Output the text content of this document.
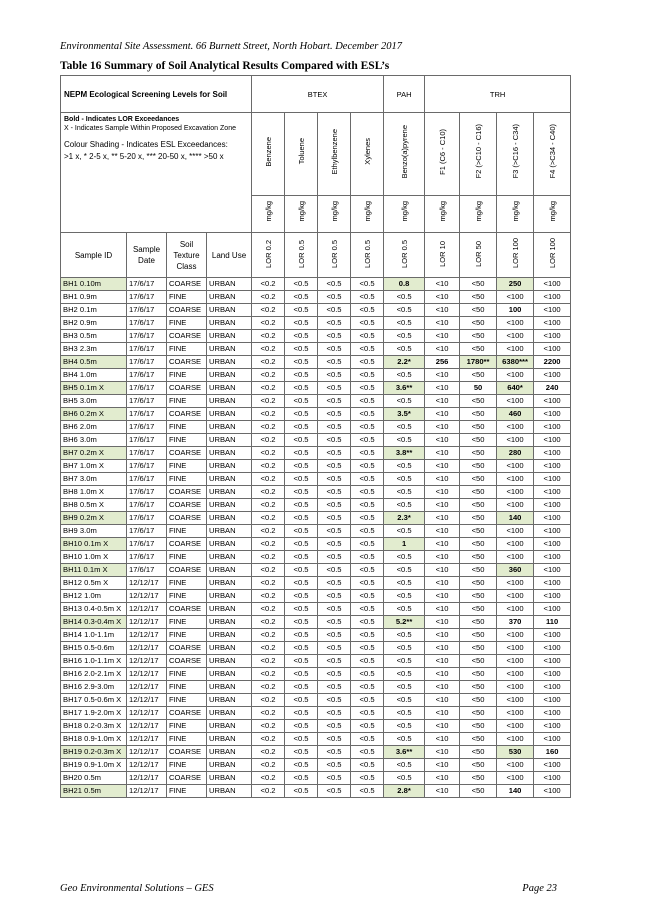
Environmental Site Assessment. 66 Burnett Street, North Hobart. December 2017
Table 16 Summary of Soil Analytical Results Compared with ESL’s
NEPM Ecological Screening Levels for Soil				BTEX				PAH	TRH			

Bold - Indicates LOR Exceedances
X - Indicates Sample Within Proposed Excavation Zone
Colour Shading - Indicates ESL Exceedances:
>1 x, * 2-5 x, ** 5-20 x, *** 20-50 x, **** >50 x				Benzene	Toluene	Ethylbenzene	Xylenes	Benzo(a)pyrene	F1 (C6 - C10)	F2 (>C10 - C16)	F3 (>C16 - C34)	F4 (>C34 - C40)
				mg/kg	mg/kg	mg/kg	mg/kg	mg/kg	mg/kg	mg/kg	mg/kg	mg/kg
Sample ID	Sample Date	Soil Texture Class	Land Use	LOR 0.2	LOR 0.5	LOR 0.5	LOR 0.5	LOR 0.5	LOR 10	LOR 50	LOR 100	LOR 100
BH1 0.10m	17/6/17	COARSE	URBAN	<0.2	<0.5	<0.5	<0.5	0.8	<10	<50	250	<100
BH1 0.9m	17/6/17	FINE	URBAN	<0.2	<0.5	<0.5	<0.5	<0.5	<10	<50	<100	<100
BH2 0.1m	17/6/17	COARSE	URBAN	<0.2	<0.5	<0.5	<0.5	<0.5	<10	<50	100	<100
BH2 0.9m	17/6/17	FINE	URBAN	<0.2	<0.5	<0.5	<0.5	<0.5	<10	<50	<100	<100
BH3 0.5m	17/6/17	COARSE	URBAN	<0.2	<0.5	<0.5	<0.5	<0.5	<10	<50	<100	<100
BH3 2.3m	17/6/17	FINE	URBAN	<0.2	<0.5	<0.5	<0.5	<0.5	<10	<50	<100	<100
BH4 0.5m	17/6/17	COARSE	URBAN	<0.2	<0.5	<0.5	<0.5	2.2*	256	1780**	6380***	2200
BH4 1.0m	17/6/17	FINE	URBAN	<0.2	<0.5	<0.5	<0.5	<0.5	<10	<50	<100	<100
BH5 0.1m X	17/6/17	COARSE	URBAN	<0.2	<0.5	<0.5	<0.5	3.6**	<10	50	640*	240
BH5 3.0m	17/6/17	FINE	URBAN	<0.2	<0.5	<0.5	<0.5	<0.5	<10	<50	<100	<100
BH6 0.2m X	17/6/17	COARSE	URBAN	<0.2	<0.5	<0.5	<0.5	3.5*	<10	<50	460	<100
BH6 2.0m	17/6/17	FINE	URBAN	<0.2	<0.5	<0.5	<0.5	<0.5	<10	<50	<100	<100
BH6 3.0m	17/6/17	FINE	URBAN	<0.2	<0.5	<0.5	<0.5	<0.5	<10	<50	<100	<100
BH7 0.2m X	17/6/17	COARSE	URBAN	<0.2	<0.5	<0.5	<0.5	3.8**	<10	<50	280	<100
BH7 1.0m X	17/6/17	FINE	URBAN	<0.2	<0.5	<0.5	<0.5	<0.5	<10	<50	<100	<100
BH7 3.0m	17/6/17	FINE	URBAN	<0.2	<0.5	<0.5	<0.5	<0.5	<10	<50	<100	<100
BH8 1.0m X	17/6/17	COARSE	URBAN	<0.2	<0.5	<0.5	<0.5	<0.5	<10	<50	<100	<100
BH8 0.5m X	17/6/17	COARSE	URBAN	<0.2	<0.5	<0.5	<0.5	<0.5	<10	<50	<100	<100
BH9 0.2m X	17/6/17	COARSE	URBAN	<0.2	<0.5	<0.5	<0.5	2.3*	<10	<50	140	<100
BH9 3.0m	17/6/17	FINE	URBAN	<0.2	<0.5	<0.5	<0.5	<0.5	<10	<50	<100	<100
BH10 0.1m X	17/6/17	COARSE	URBAN	<0.2	<0.5	<0.5	<0.5	1	<10	<50	<100	<100
BH10 1.0m X	17/6/17	FINE	URBAN	<0.2	<0.5	<0.5	<0.5	<0.5	<10	<50	<100	<100
BH11 0.1m X	17/6/17	COARSE	URBAN	<0.2	<0.5	<0.5	<0.5	<0.5	<10	<50	360	<100
BH12 0.5m X	12/12/17	FINE	URBAN	<0.2	<0.5	<0.5	<0.5	<0.5	<10	<50	<100	<100
BH12 1.0m	12/12/17	FINE	URBAN	<0.2	<0.5	<0.5	<0.5	<0.5	<10	<50	<100	<100
BH13 0.4-0.5m X	12/12/17	COARSE	URBAN	<0.2	<0.5	<0.5	<0.5	<0.5	<10	<50	<100	<100
BH14 0.3-0.4m X	12/12/17	FINE	URBAN	<0.2	<0.5	<0.5	<0.5	5.2**	<10	<50	370	110
BH14 1.0-1.1m	12/12/17	FINE	URBAN	<0.2	<0.5	<0.5	<0.5	<0.5	<10	<50	<100	<100
BH15 0.5-0.6m	12/12/17	COARSE	URBAN	<0.2	<0.5	<0.5	<0.5	<0.5	<10	<50	<100	<100
BH16 1.0-1.1m X	12/12/17	COARSE	URBAN	<0.2	<0.5	<0.5	<0.5	<0.5	<10	<50	<100	<100
BH16 2.0-2.1m X	12/12/17	FINE	URBAN	<0.2	<0.5	<0.5	<0.5	<0.5	<10	<50	<100	<100
BH16 2.9-3.0m	12/12/17	FINE	URBAN	<0.2	<0.5	<0.5	<0.5	<0.5	<10	<50	<100	<100
BH17 0.5-0.6m X	12/12/17	FINE	URBAN	<0.2	<0.5	<0.5	<0.5	<0.5	<10	<50	<100	<100
BH17 1.9-2.0m X	12/12/17	COARSE	URBAN	<0.2	<0.5	<0.5	<0.5	<0.5	<10	<50	<100	<100
BH18 0.2-0.3m X	12/12/17	FINE	URBAN	<0.2	<0.5	<0.5	<0.5	<0.5	<10	<50	<100	<100
BH18 0.9-1.0m X	12/12/17	FINE	URBAN	<0.2	<0.5	<0.5	<0.5	<0.5	<10	<50	<100	<100
BH19 0.2-0.3m X	12/12/17	COARSE	URBAN	<0.2	<0.5	<0.5	<0.5	3.6**	<10	<50	530	160
BH19 0.9-1.0m X	12/12/17	FINE	URBAN	<0.2	<0.5	<0.5	<0.5	<0.5	<10	<50	<100	<100
BH20 0.5m	12/12/17	COARSE	URBAN	<0.2	<0.5	<0.5	<0.5	<0.5	<10	<50	<100	<100
BH21 0.5m	12/12/17	FINE	URBAN	<0.2	<0.5	<0.5	<0.5	2.8*	<10	<50	140	<100
Geo Environmental Solutions – GES	Page 23
